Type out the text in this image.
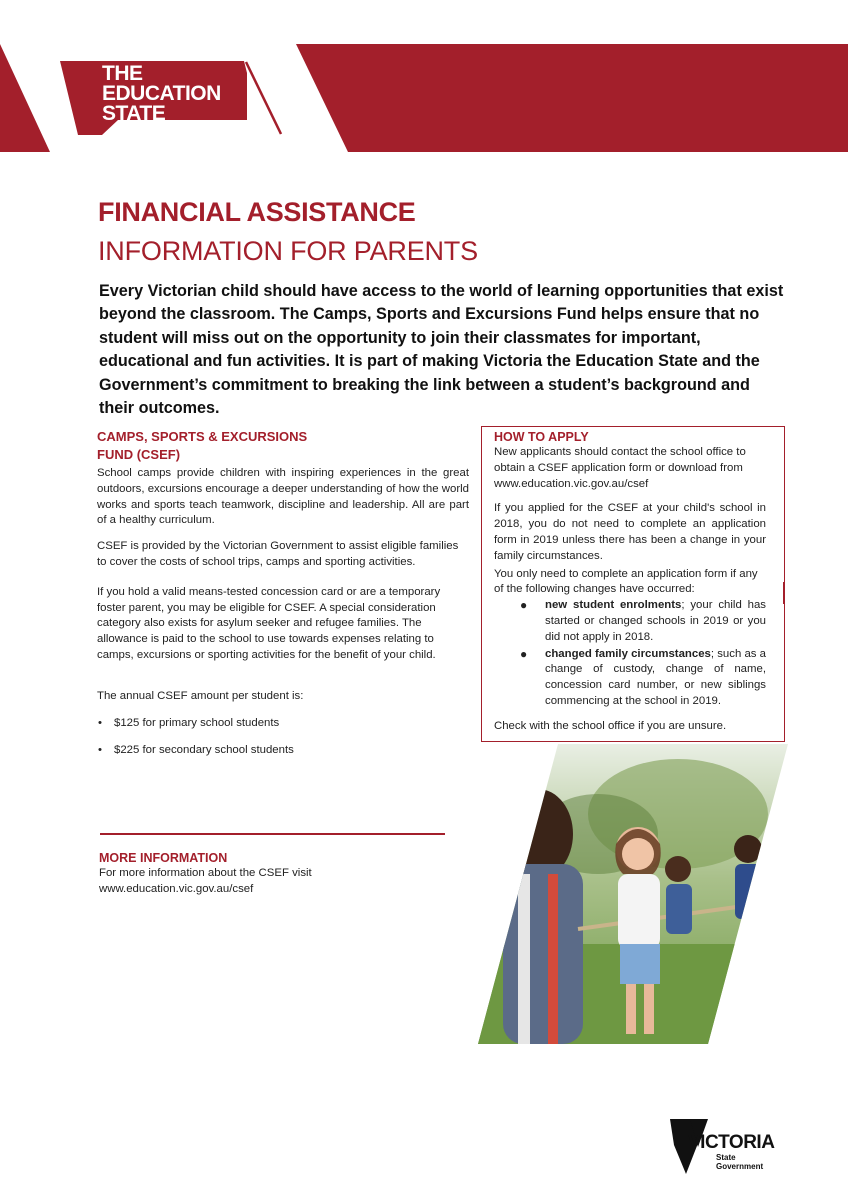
THE
EDUCATION
STATE
FINANCIAL ASSISTANCE
INFORMATION FOR PARENTS
Every Victorian child should have access to the world of learning opportunities that exist beyond the classroom. The Camps, Sports and Excursions Fund helps ensure that no student will miss out on the opportunity to join their classmates for important, educational and fun activities. It is part of making Victoria the Education State and the Government’s commitment to breaking the link between a student’s background and their outcomes.
CAMPS, SPORTS & EXCURSIONS
FUND (CSEF)

School camps provide children with inspiring experiences in the great outdoors, excursions encourage a deeper understanding of how the world works and sports teach teamwork, discipline and leadership. All are part of a healthy curriculum.

CSEF is provided by the Victorian Government to assist eligible families to cover the costs of school trips, camps and sporting activities.

If you hold a valid means-tested concession card or are a temporary foster parent, you may be eligible for CSEF. A special consideration category also exists for asylum seeker and refugee families. The allowance is paid to the school to use towards expenses relating to camps, excursions or sporting activities for the benefit of your child.

The annual CSEF amount per student is:

• $125 for primary school students
• $225 for secondary school students
HOW TO APPLY

New applicants should contact the school office to obtain a CSEF application form or download from www.education.vic.gov.au/csef

If you applied for the CSEF at your child's school in 2018, you do not need to complete an application form in 2019 unless there has been a change in your family circumstances.

You only need to complete an application form if any of the following changes have occurred:

● new student enrolments; your child has started or changed schools in 2019 or you did not apply in 2018.
● changed family circumstances; such as a change of custody, change of name, concession card number, or new siblings commencing at the school in 2019.

Check with the school office if you are unsure.

MORE INFORMATION

For more information about the CSEF visit

www.education.vic.gov.au/csef

VICTORIA
State
Government
